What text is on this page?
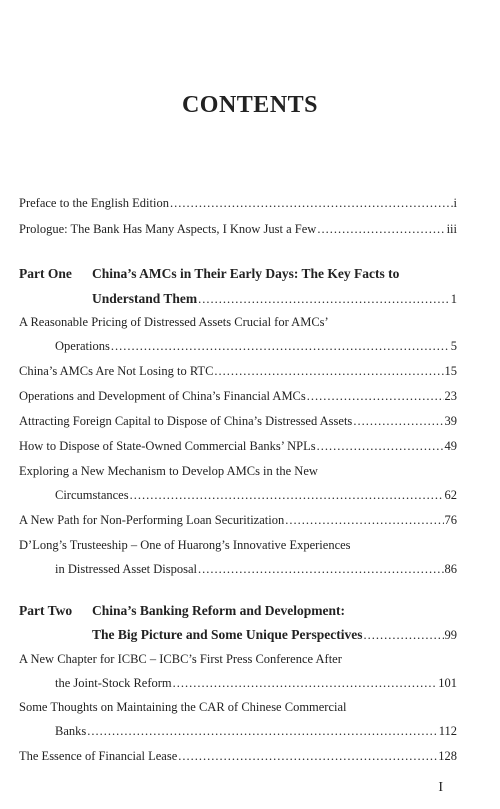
CONTENTS
Preface to the English Edition .....	i
Prologue: The Bank Has Many Aspects, I Know Just a Few .....	iii
Part One China’s AMCs in Their Early Days: The Key Facts to
Understand Them .....	1
A Reasonable Pricing of Distressed Assets Crucial for AMCs’
Operations .....	5
China’s AMCs Are Not Losing to RTC .....	15
Operations and Development of China’s Financial AMCs .....	23
Attracting Foreign Capital to Dispose of China’s Distressed Assets .....	39
How to Dispose of State-Owned Commercial Banks’ NPLs .....	49
Exploring a New Mechanism to Develop AMCs in the New
Circumstances .....	62
A New Path for Non-Performing Loan Securitization .....	76
D’Long’s Trusteeship – One of Huarong’s Innovative Experiences
in Distressed Asset Disposal .....	86
Part Two China’s Banking Reform and Development:
The Big Picture and Some Unique Perspectives .....	99
A New Chapter for ICBC – ICBC’s First Press Conference After
the Joint-Stock Reform .....	101
Some Thoughts on Maintaining the CAR of Chinese Commercial
Banks .....	112
The Essence of Financial Lease .....	128
I
